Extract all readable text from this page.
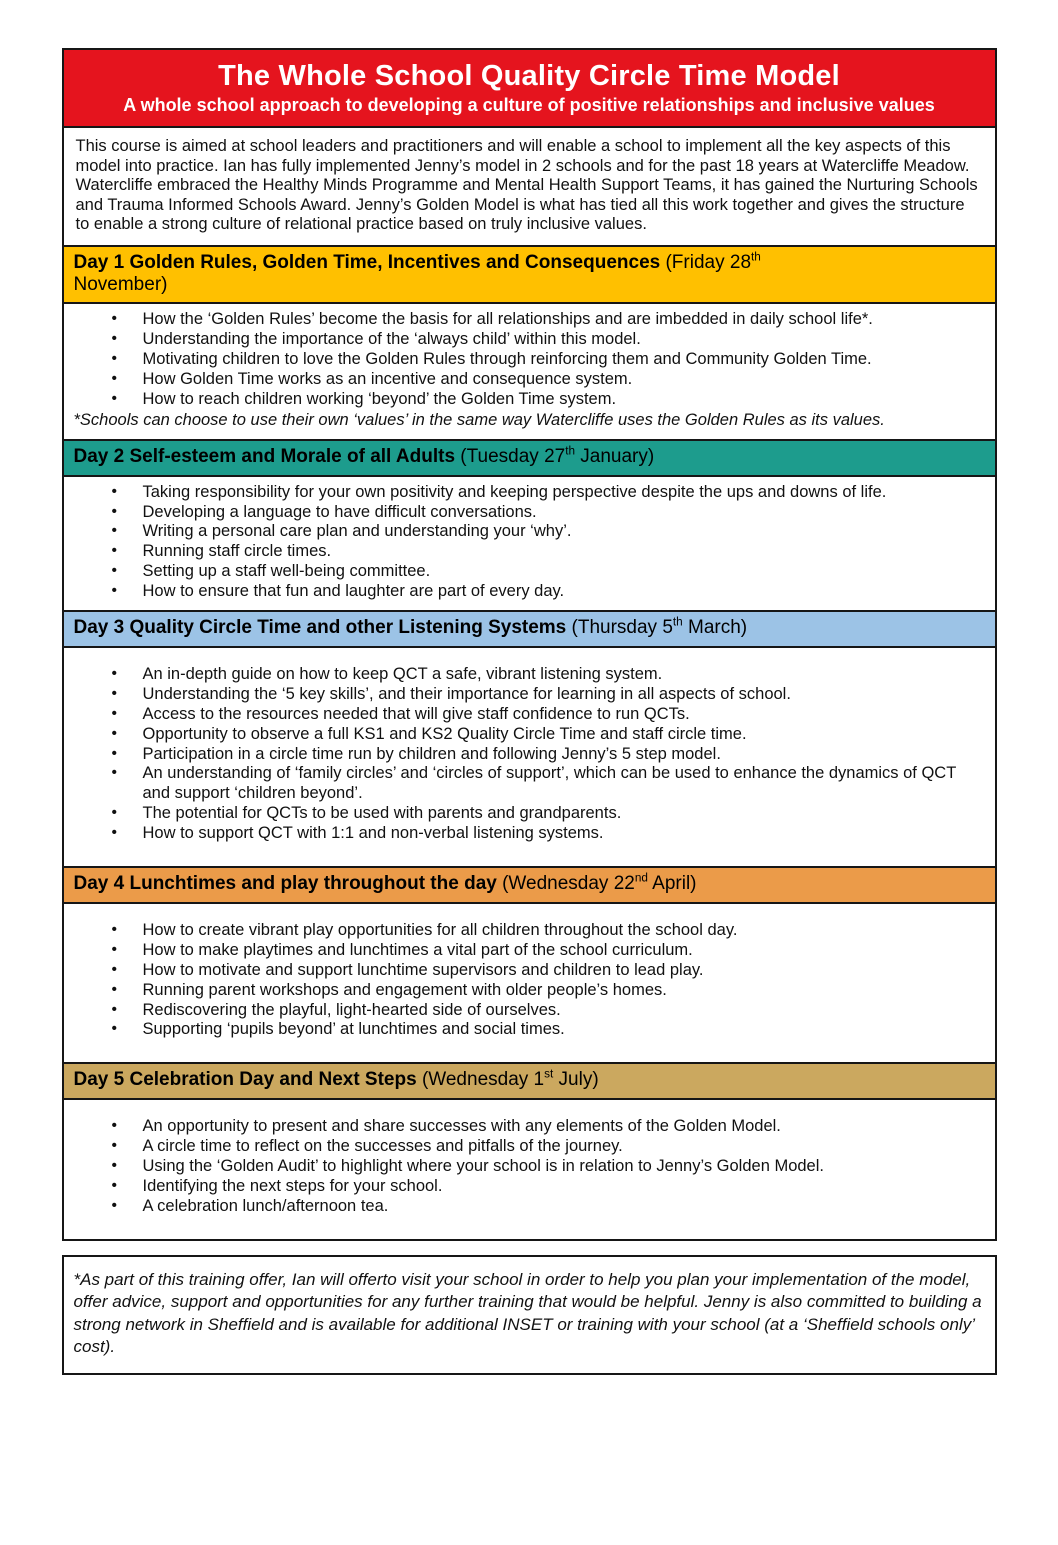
The Whole School Quality Circle Time Model
A whole school approach to developing a culture of positive relationships and inclusive values

This course is aimed at school leaders and practitioners and will enable a school to implement all the key aspects of this model into practice. Ian has fully implemented Jenny’s model in 2 schools and for the past 18 years at Watercliffe Meadow. Watercliffe embraced the Healthy Minds Programme and Mental Health Support Teams, it has gained the Nurturing Schools and Trauma Informed Schools Award. Jenny’s Golden Model is what has tied all this work together and gives the structure to enable a strong culture of relational practice based on truly inclusive values.

Day 1 Golden Rules, Golden Time, Incentives and Consequences (Friday 28th November)
• How the ‘Golden Rules’ become the basis for all relationships and are imbedded in daily school life*.
• Understanding the importance of the ‘always child’ within this model.
• Motivating children to love the Golden Rules through reinforcing them and Community Golden Time.
• How Golden Time works as an incentive and consequence system.
• How to reach children working ‘beyond’ the Golden Time system.

*Schools can choose to use their own ‘values’ in the same way Watercliffe uses the Golden Rules as its values.

Day 2 Self-esteem and Morale of all Adults (Tuesday 27th January)
• Taking responsibility for your own positivity and keeping perspective despite the ups and downs of life.
• Developing a language to have difficult conversations.
• Writing a personal care plan and understanding your ‘why’.
• Running staff circle times.
• Setting up a staff well-being committee.
• How to ensure that fun and laughter are part of every day.
Day 3 Quality Circle Time and other Listening Systems (Thursday 5th March)
• An in-depth guide on how to keep QCT a safe, vibrant listening system.
• Understanding the ‘5 key skills’, and their importance for learning in all aspects of school.
• Access to the resources needed that will give staff confidence to run QCTs.
• Opportunity to observe a full KS1 and KS2 Quality Circle Time and staff circle time.
• Participation in a circle time run by children and following Jenny’s 5 step model.
• An understanding of ‘family circles’ and ‘circles of support’, which can be used to enhance the dynamics of QCT and support ‘children beyond’.
• The potential for QCTs to be used with parents and grandparents.
• How to support QCT with 1:1 and non-verbal listening systems.
Day 4 Lunchtimes and play throughout the day (Wednesday 22nd April)
• How to create vibrant play opportunities for all children throughout the school day.
• How to make playtimes and lunchtimes a vital part of the school curriculum.
• How to motivate and support lunchtime supervisors and children to lead play.
• Running parent workshops and engagement with older people’s homes.
• Rediscovering the playful, light-hearted side of ourselves.
• Supporting ‘pupils beyond’ at lunchtimes and social times.
Day 5 Celebration Day and Next Steps (Wednesday 1st July)
• An opportunity to present and share successes with any elements of the Golden Model.
• A circle time to reflect on the successes and pitfalls of the journey.
• Using the ‘Golden Audit’ to highlight where your school is in relation to Jenny’s Golden Model.
• Identifying the next steps for your school.
• A celebration lunch/afternoon tea.

*As part of this training offer, Ian will offerto visit your school in order to help you plan your implementation of the model, offer advice, support and opportunities for any further training that would be helpful. Jenny is also committed to building a strong network in Sheffield and is available for additional INSET or training with your school (at a ‘Sheffield schools only’ cost).
